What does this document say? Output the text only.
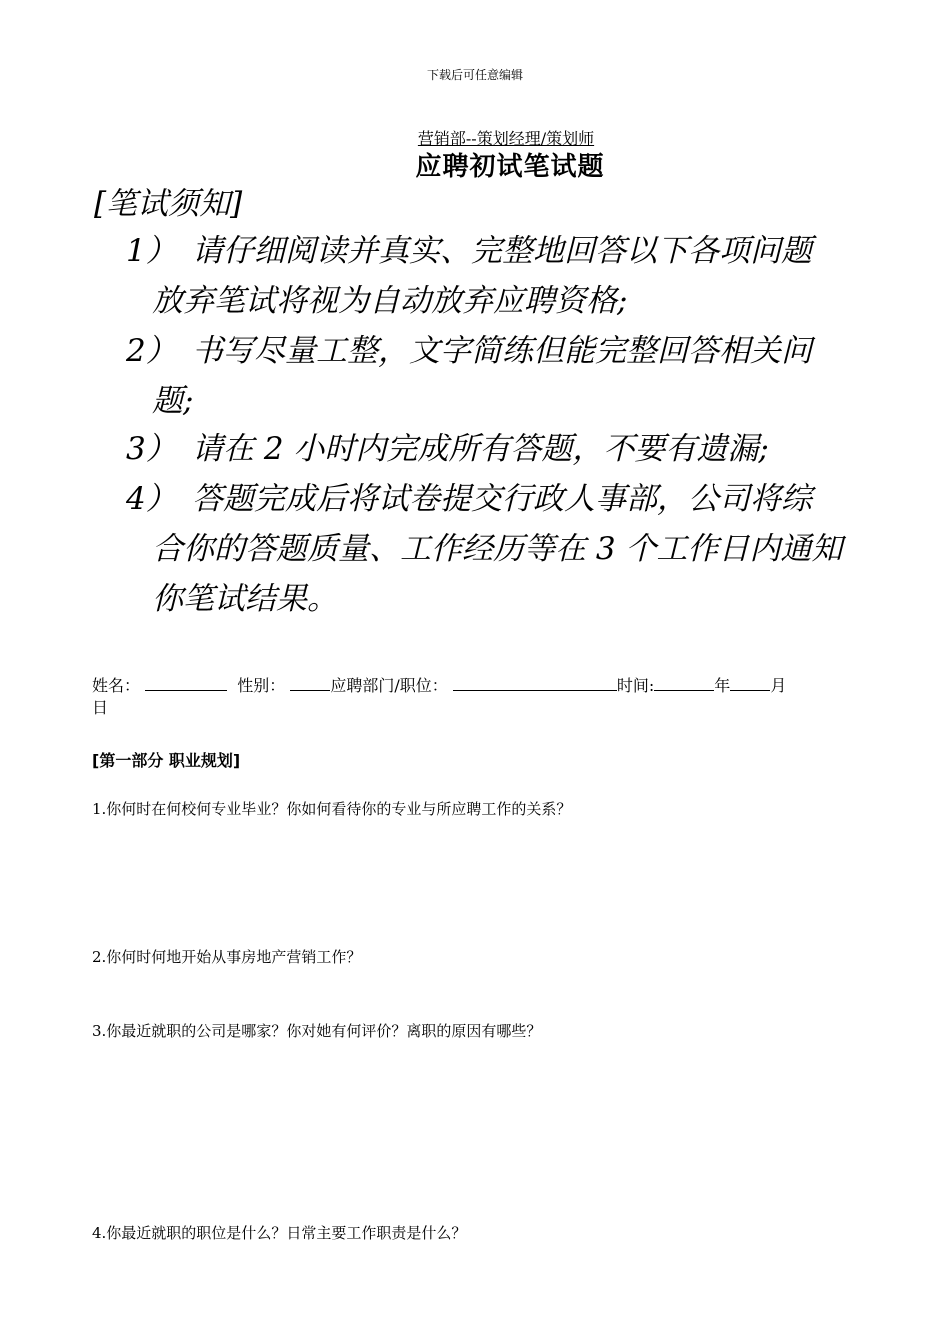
下载后可任意编辑
营销部--策划经理/策划师
应聘初试笔试题
[笔试须知]
1） 请仔细阅读并真实、完整地回答以下各项问题
放弃笔试将视为自动放弃应聘资格;
2） 书写尽量工整，文字简练但能完整回答相关问
题;
3） 请在 2 小时内完成所有答题，不要有遗漏;
4） 答题完成后将试卷提交行政人事部，公司将综
合你的答题质量、工作经历等在 3 个工作日内通知
你笔试结果。
姓名：	性别：	应聘部门/职位：	时间:	年	月
日
[第一部分 职业规划]
1.你何时在何校何专业毕业？你如何看待你的专业与所应聘工作的关系？
2.你何时何地开始从事房地产营销工作？
3.你最近就职的公司是哪家？你对她有何评价？离职的原因有哪些？
4.你最近就职的职位是什么？日常主要工作职责是什么？
